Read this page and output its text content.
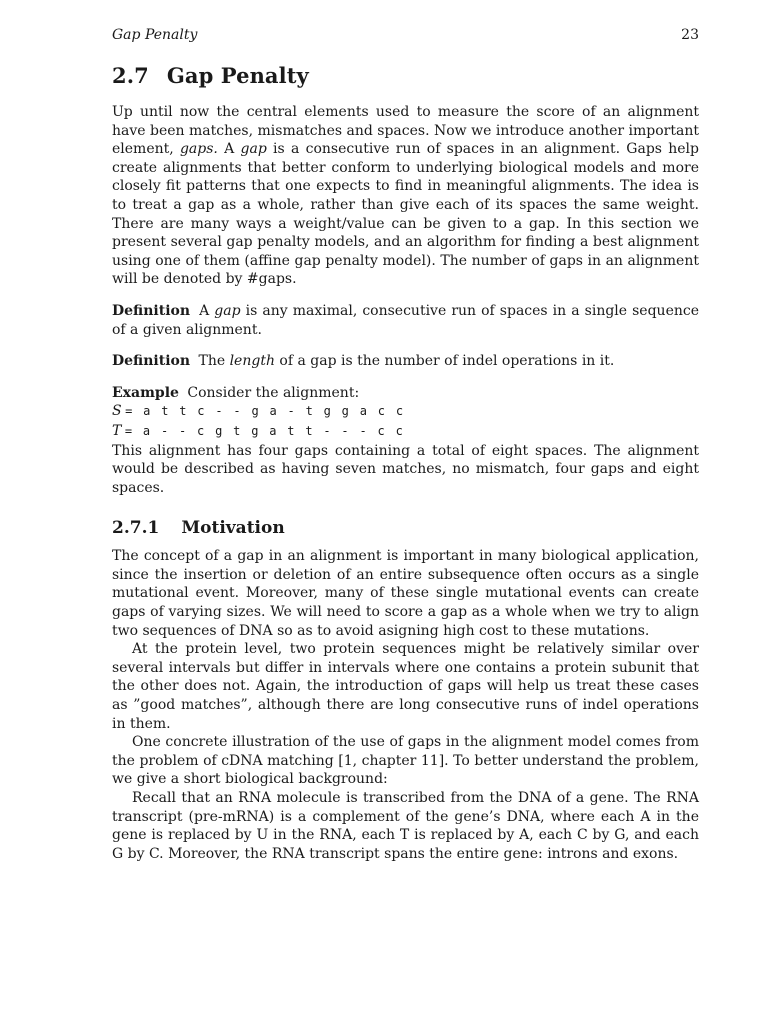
Gap Penalty	23
2.7 Gap Penalty

Up until now the central elements used to measure the score of an alignment have been matches, mismatches and spaces. Now we introduce another important element, gaps. A gap is a consecutive run of spaces in an alignment. Gaps help create alignments that better conform to underlying biological models and more closely fit patterns that one expects to find in meaningful alignments. The idea is to treat a gap as a whole, rather than give each of its spaces the same weight. There are many ways a weight/value can be given to a gap. In this section we present several gap penalty models, and an algorithm for finding a best alignment using one of them (affine gap penalty model). The number of gaps in an alignment will be denoted by #gaps.

Definition A gap is any maximal, consecutive run of spaces in a single sequence of a given alignment.

Definition The length of a gap is the number of indel operations in it.

Example Consider the alignment:
S = a t t c - - g a - t g g a c c
T = a - - c g t g a t t - - - c c

This alignment has four gaps containing a total of eight spaces. The alignment would be described as having seven matches, no mismatch, four gaps and eight spaces.

2.7.1 Motivation

The concept of a gap in an alignment is important in many biological application, since the insertion or deletion of an entire subsequence often occurs as a single mutational event. Moreover, many of these single mutational events can create gaps of varying sizes. We will need to score a gap as a whole when we try to align two sequences of DNA so as to avoid asigning high cost to these mutations.

At the protein level, two protein sequences might be relatively similar over several intervals but differ in intervals where one contains a protein subunit that the other does not. Again, the introduction of gaps will help us treat these cases as ”good matches”, although there are long consecutive runs of indel operations in them.

One concrete illustration of the use of gaps in the alignment model comes from the problem of cDNA matching [1, chapter 11]. To better understand the problem, we give a short biological background:

Recall that an RNA molecule is transcribed from the DNA of a gene. The RNA transcript (pre-mRNA) is a complement of the gene’s DNA, where each A in the gene is replaced by U in the RNA, each T is replaced by A, each C by G, and each G by C. Moreover, the RNA transcript spans the entire gene: introns and exons.
